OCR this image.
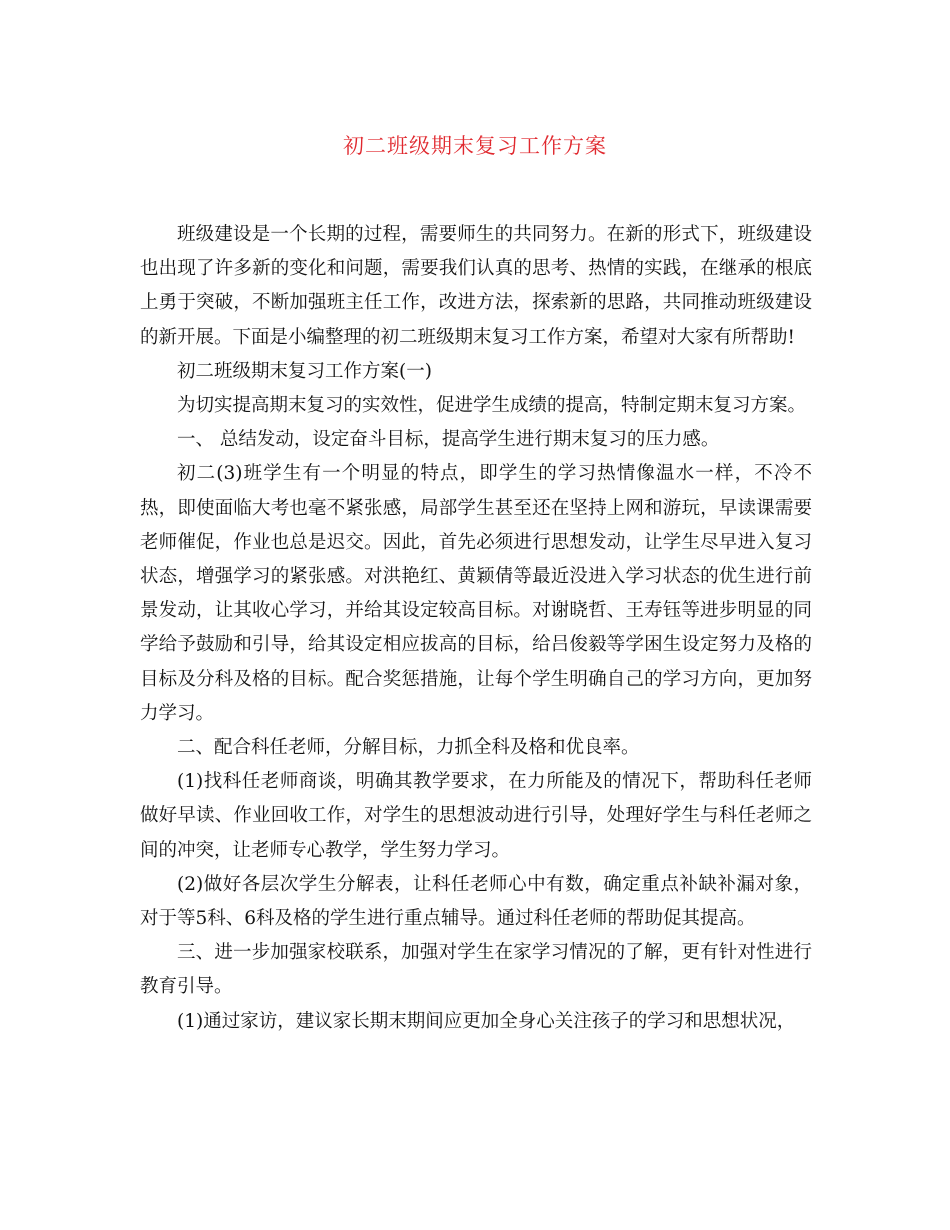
初二班级期末复习工作方案

班级建设是一个长期的过程，需要师生的共同努力。在新的形式下，班级建设也出现了许多新的变化和问题，需要我们认真的思考、热情的实践，在继承的根底上勇于突破，不断加强班主任工作，改进方法，探索新的思路，共同推动班级建设的新开展。下面是小编整理的初二班级期末复习工作方案，希望对大家有所帮助!

初二班级期末复习工作方案(一)

为切实提高期末复习的实效性，促进学生成绩的提高，特制定期末复习方案。

一、 总结发动，设定奋斗目标，提高学生进行期末复习的压力感。

初二(3)班学生有一个明显的特点，即学生的学习热情像温水一样，不冷不热，即使面临大考也毫不紧张感，局部学生甚至还在坚持上网和游玩，早读课需要老师催促，作业也总是迟交。因此，首先必须进行思想发动，让学生尽早进入复习状态，增强学习的紧张感。对洪艳红、黄颖倩等最近没进入学习状态的优生进行前景发动，让其收心学习，并给其设定较高目标。对谢晓哲、王寿钰等进步明显的同学给予鼓励和引导，给其设定相应拔高的目标，给吕俊毅等学困生设定努力及格的目标及分科及格的目标。配合奖惩措施，让每个学生明确自己的学习方向，更加努力学习。

二、配合科任老师，分解目标，力抓全科及格和优良率。

(1)找科任老师商谈，明确其教学要求，在力所能及的情况下，帮助科任老师做好早读、作业回收工作，对学生的思想波动进行引导，处理好学生与科任老师之间的冲突，让老师专心教学，学生努力学习。

(2)做好各层次学生分解表，让科任老师心中有数，确定重点补缺补漏对象，对于等5科、6科及格的学生进行重点辅导。通过科任老师的帮助促其提高。

三、进一步加强家校联系，加强对学生在家学习情况的了解，更有针对性进行教育引导。

(1)通过家访，建议家长期末期间应更加全身心关注孩子的学习和思想状况，
